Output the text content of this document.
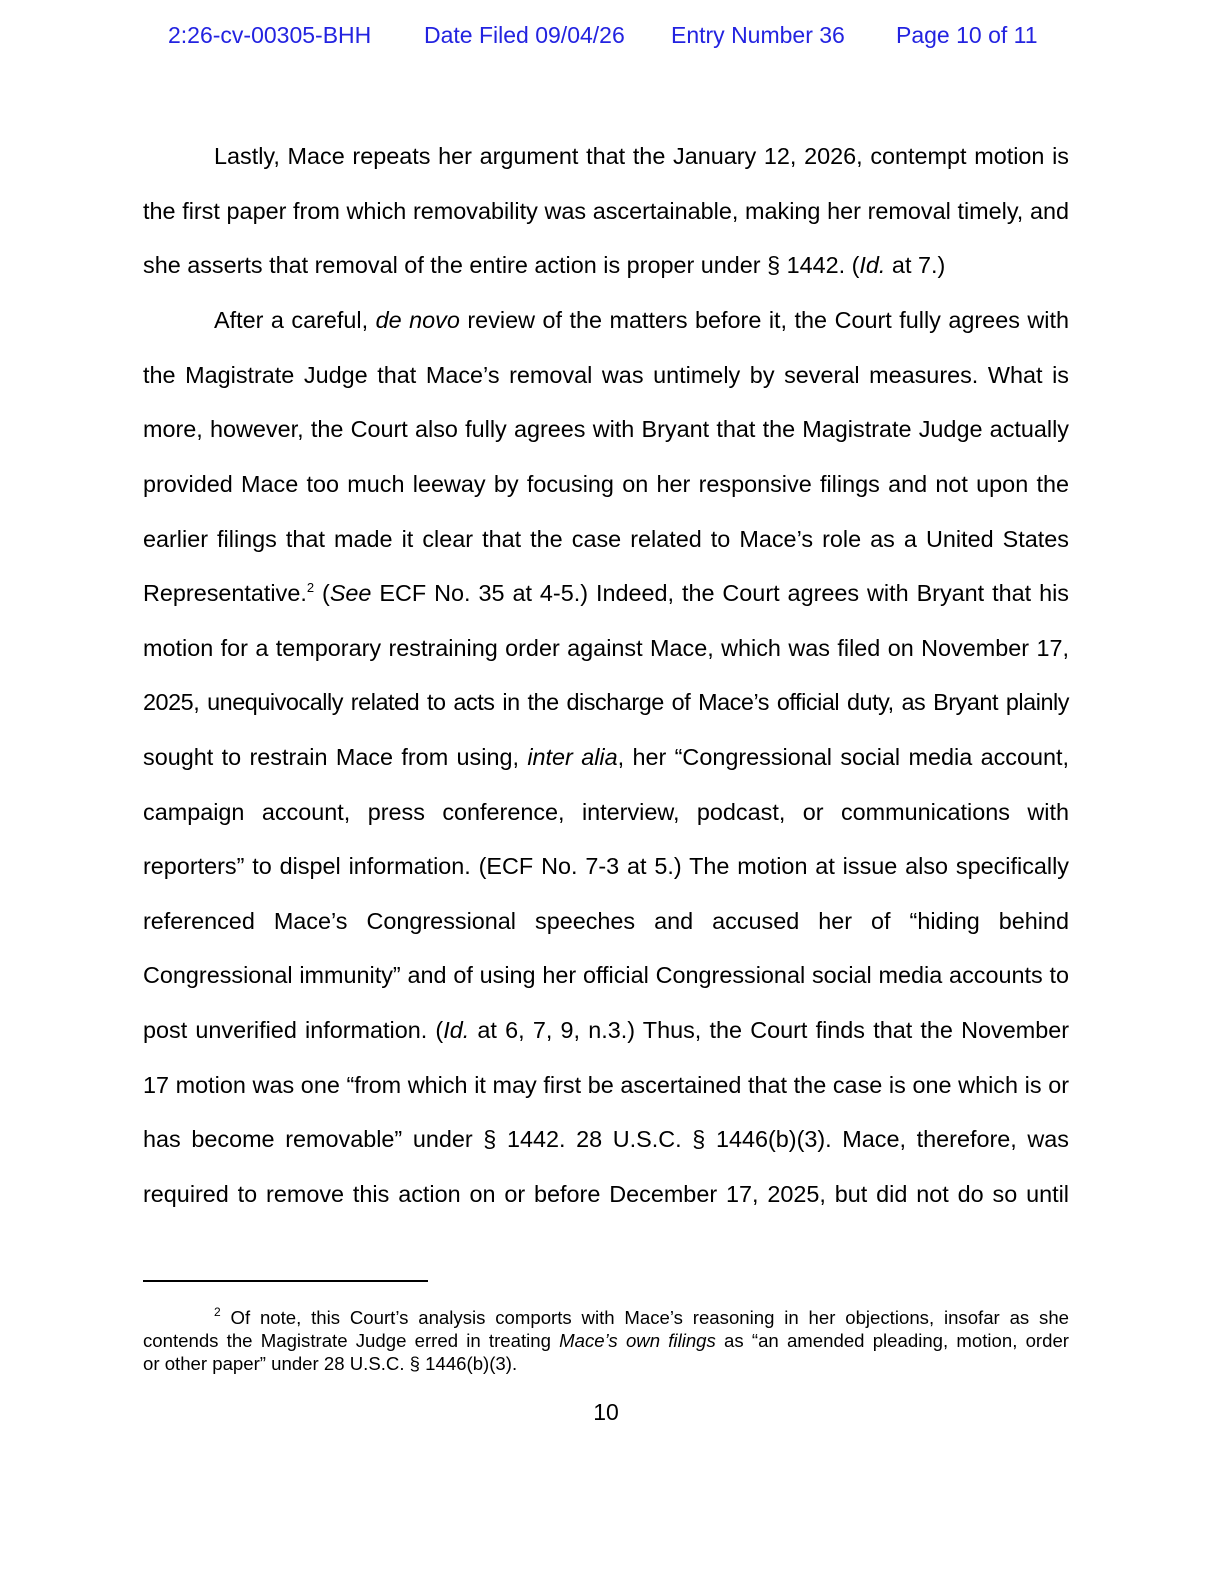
2:26-cv-00305-BHH Date Filed 09/04/26 Entry Number 36 Page 10 of 11
Lastly, Mace repeats her argument that the January 12, 2026, contempt motion is
the first paper from which removability was ascertainable, making her removal timely, and
she asserts that removal of the entire action is proper under § 1442. (Id. at 7.)
After a careful, de novo review of the matters before it, the Court fully agrees with
the Magistrate Judge that Mace’s removal was untimely by several measures. What is
more, however, the Court also fully agrees with Bryant that the Magistrate Judge actually
provided Mace too much leeway by focusing on her responsive filings and not upon the
earlier filings that made it clear that the case related to Mace’s role as a United States
Representative.$^2$ (See ECF No. 35 at 4-5.) Indeed, the Court agrees with Bryant that his
motion for a temporary restraining order against Mace, which was filed on November 17,
2025, unequivocally related to acts in the discharge of Mace’s official duty, as Bryant plainly
sought to restrain Mace from using, inter alia, her “Congressional social media account,
campaign account, press conference, interview, podcast, or communications with
reporters” to dispel information. (ECF No. 7-3 at 5.) The motion at issue also specifically
referenced Mace’s Congressional speeches and accused her of “hiding behind
Congressional immunity” and of using her official Congressional social media accounts to
post unverified information. (Id. at 6, 7, 9, n.3.) Thus, the Court finds that the November
17 motion was one “from which it may first be ascertained that the case is one which is or
has become removable” under § 1442. 28 U.S.C. § 1446(b)(3). Mace, therefore, was
required to remove this action on or before December 17, 2025, but did not do so until
$^2$ Of note, this Court’s analysis comports with Mace’s reasoning in her objections, insofar as she
contends the Magistrate Judge erred in treating Mace’s own filings as “an amended pleading, motion, order
or other paper” under 28 U.S.C. § 1446(b)(3).
10
